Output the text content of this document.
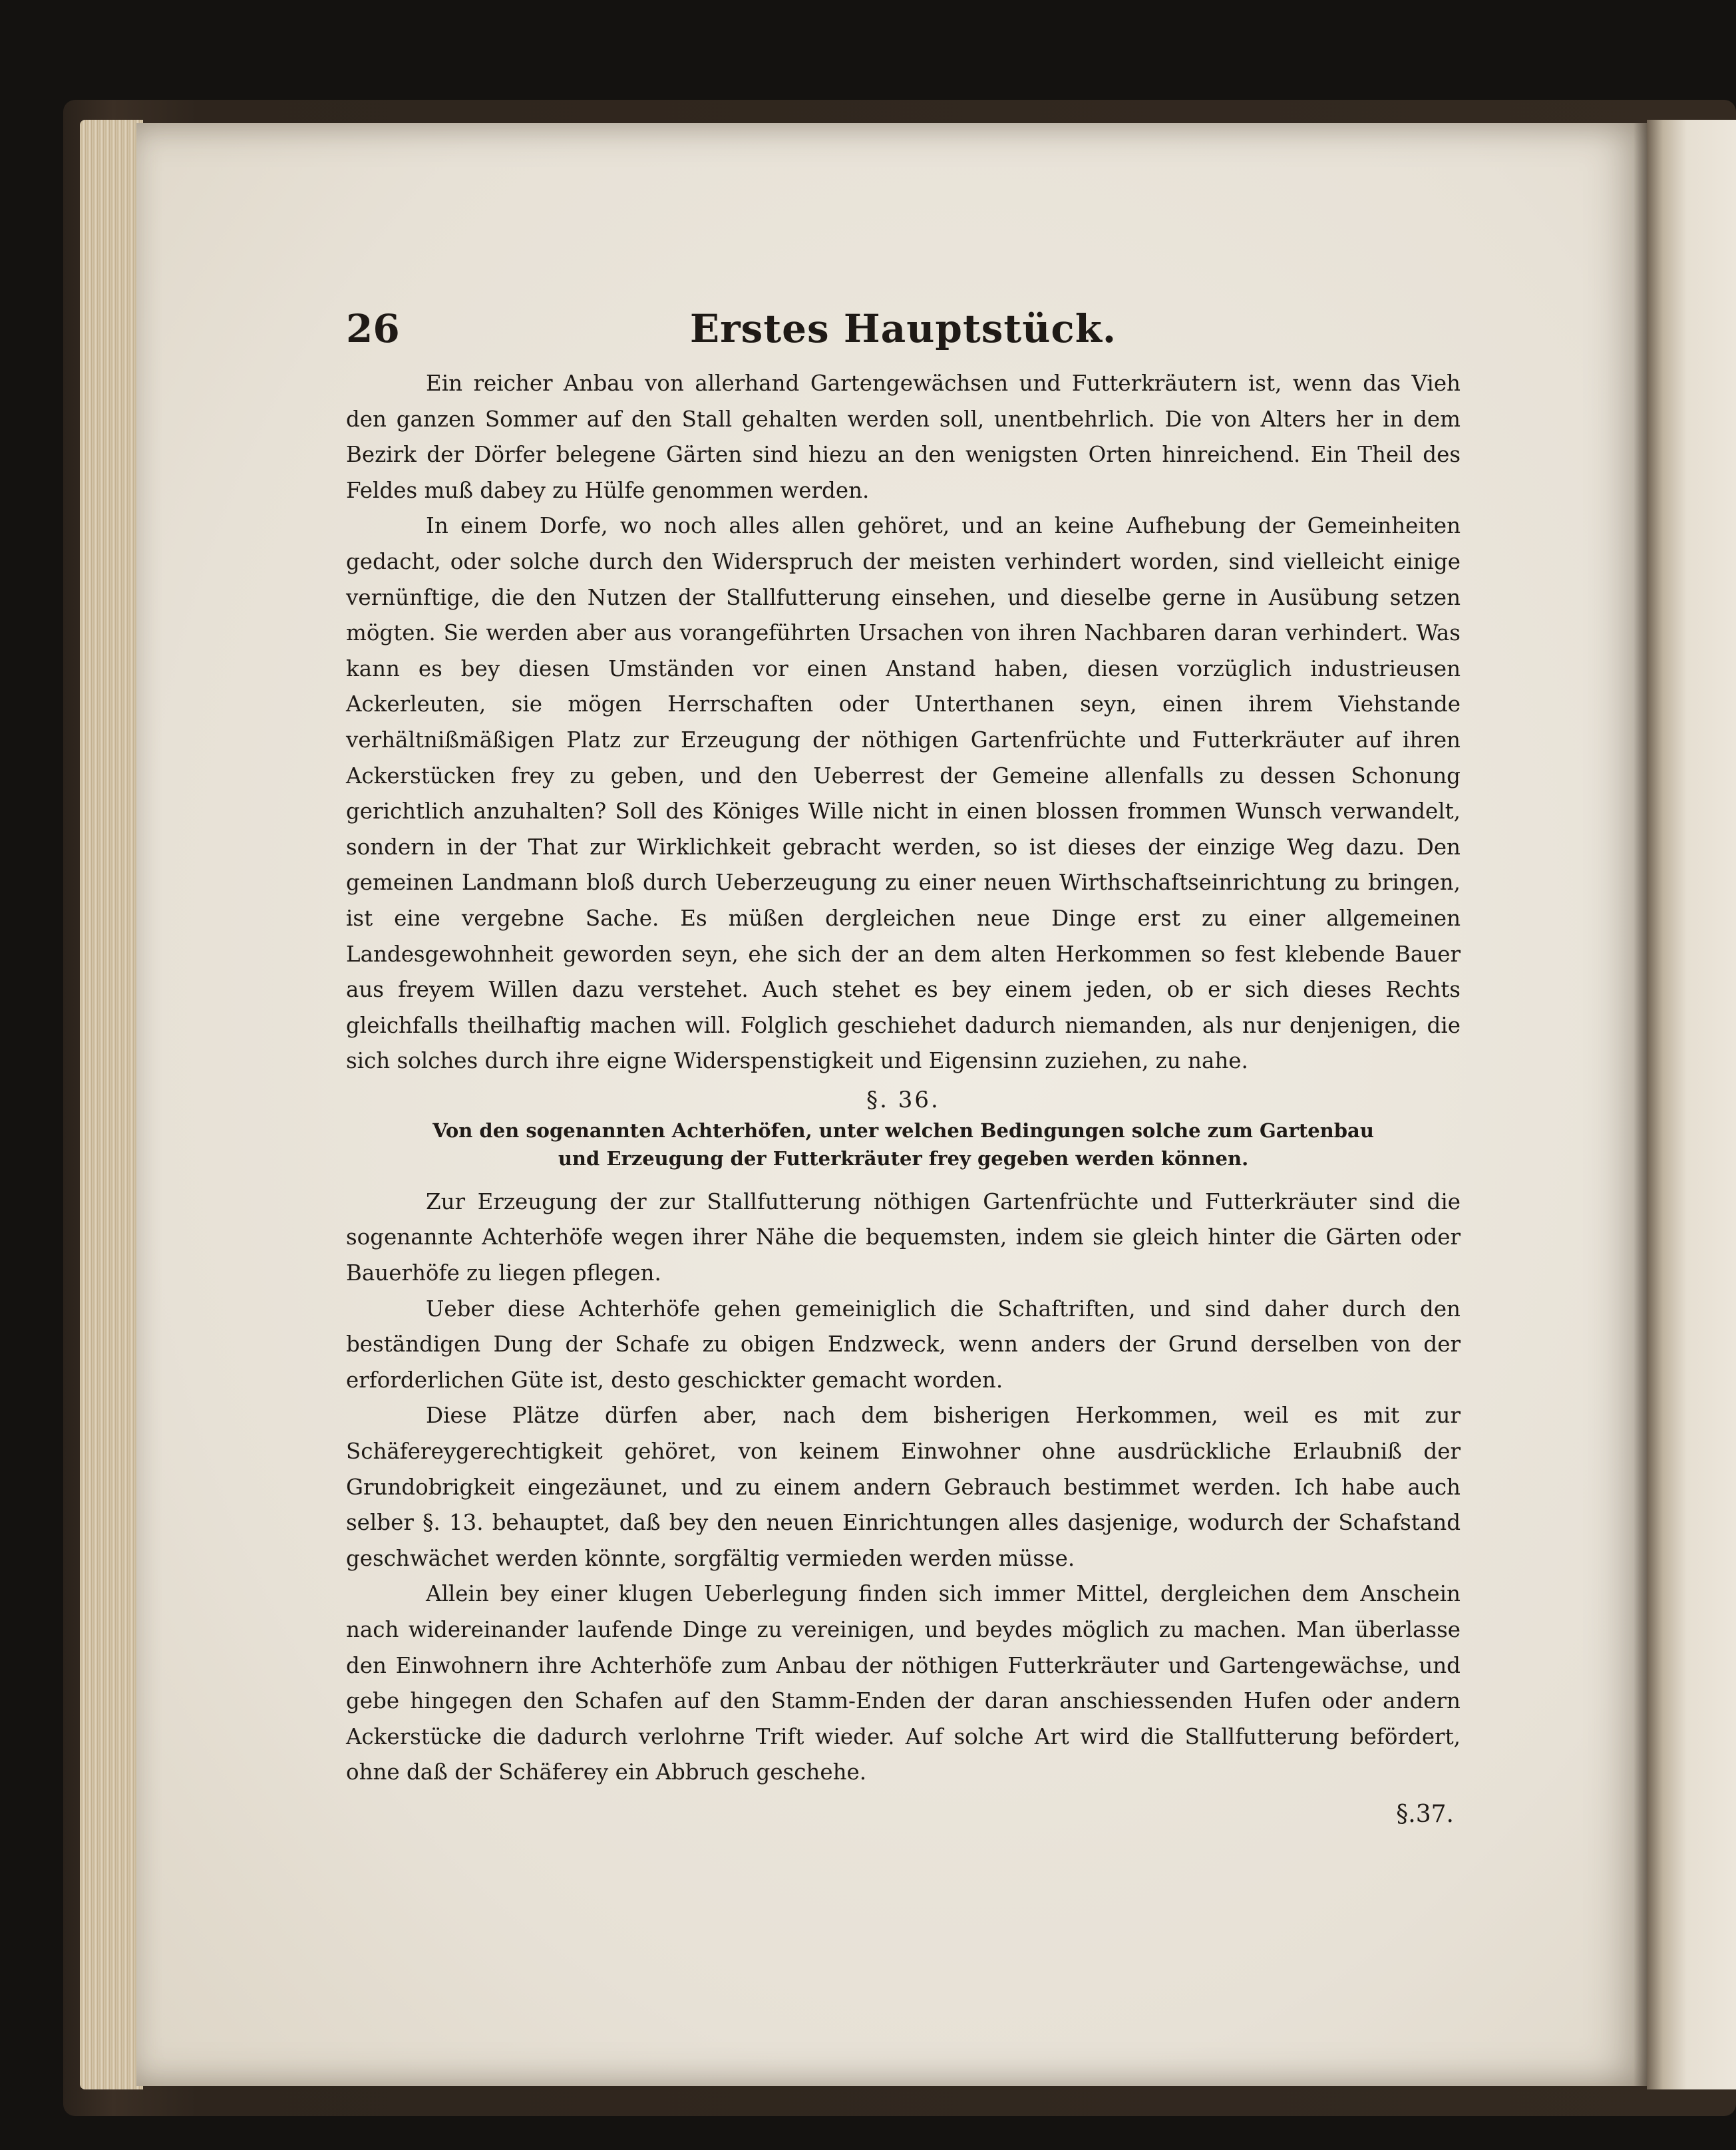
26	Erstes Hauptstück.

Ein reicher Anbau von allerhand Gartengewächsen und Futterkräutern ist, wenn das Vieh den ganzen Sommer auf den Stall gehalten werden soll, unentbehrlich. Die von Alters her in dem Bezirk der Dörfer belegene Gärten sind hiezu an den wenigsten Orten hinreichend. Ein Theil des Feldes muß dabey zu Hülfe genommen werden.

In einem Dorfe, wo noch alles allen gehöret, und an keine Aufhebung der Gemeinheiten gedacht, oder solche durch den Widerspruch der meisten verhindert worden, sind vielleicht einige vernünftige, die den Nutzen der Stallfutterung einsehen, und dieselbe gerne in Ausübung setzen mögten. Sie werden aber aus vorangeführten Ursachen von ihren Nachbaren daran verhindert. Was kann es bey diesen Umständen vor einen Anstand haben, diesen vorzüglich industrieusen Ackerleuten, sie mögen Herrschaften oder Unterthanen seyn, einen ihrem Viehstande verhältnißmäßigen Platz zur Erzeugung der nöthigen Gartenfrüchte und Futterkräuter auf ihren Ackerstücken frey zu geben, und den Ueberrest der Gemeine allenfalls zu dessen Schonung gerichtlich anzuhalten? Soll des Königes Wille nicht in einen blossen frommen Wunsch verwandelt, sondern in der That zur Wirklichkeit gebracht werden, so ist dieses der einzige Weg dazu. Den gemeinen Landmann bloß durch Ueberzeugung zu einer neuen Wirthschaftseinrichtung zu bringen, ist eine vergebne Sache. Es müßen dergleichen neue Dinge erst zu einer allgemeinen Landesgewohnheit geworden seyn, ehe sich der an dem alten Herkommen so fest klebende Bauer aus freyem Willen dazu verstehet. Auch stehet es bey einem jeden, ob er sich dieses Rechts gleichfalls theilhaftig machen will. Folglich geschiehet dadurch niemanden, als nur denjenigen, die sich solches durch ihre eigne Widerspenstigkeit und Eigensinn zuziehen, zu nahe.

§. 36.

Von den sogenannten Achterhöfen, unter welchen Bedingungen solche zum Gartenbau
und Erzeugung der Futterkräuter frey gegeben werden können.

Zur Erzeugung der zur Stallfutterung nöthigen Gartenfrüchte und Futterkräuter sind die sogenannte Achterhöfe wegen ihrer Nähe die bequemsten, indem sie gleich hinter die Gärten oder Bauerhöfe zu liegen pflegen.

Ueber diese Achterhöfe gehen gemeiniglich die Schaftriften, und sind daher durch den beständigen Dung der Schafe zu obigen Endzweck, wenn anders der Grund derselben von der erforderlichen Güte ist, desto geschickter gemacht worden.

Diese Plätze dürfen aber, nach dem bisherigen Herkommen, weil es mit zur Schäfereygerechtigkeit gehöret, von keinem Einwohner ohne ausdrückliche Erlaubniß der Grundobrigkeit eingezäunet, und zu einem andern Gebrauch bestimmet werden. Ich habe auch selber §. 13. behauptet, daß bey den neuen Einrichtungen alles dasjenige, wodurch der Schafstand geschwächet werden könnte, sorgfältig vermieden werden müsse.

Allein bey einer klugen Ueberlegung finden sich immer Mittel, dergleichen dem Anschein nach widereinander laufende Dinge zu vereinigen, und beydes möglich zu machen. Man überlasse den Einwohnern ihre Achterhöfe zum Anbau der nöthigen Futterkräuter und Gartengewächse, und gebe hingegen den Schafen auf den Stamm-Enden der daran anschiessenden Hufen oder andern Ackerstücke die dadurch verlohrne Trift wieder. Auf solche Art wird die Stallfutterung befördert, ohne daß der Schäferey ein Abbruch geschehe.

§.37.
